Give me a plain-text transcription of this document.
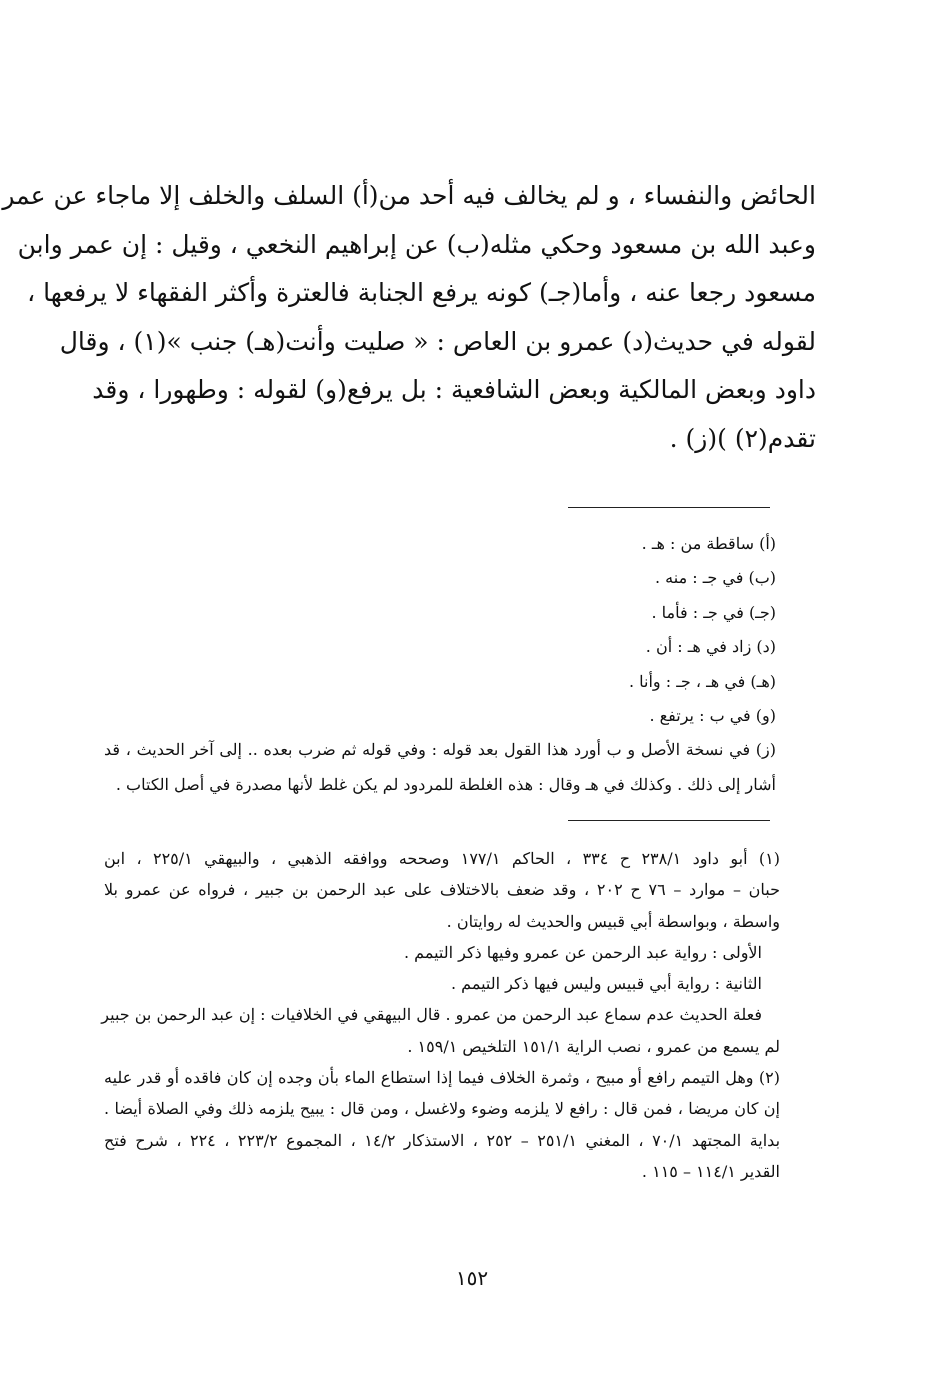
الحائض والنفساء ، و لم يخالف فيه أحد من(أ) السلف والخلف إلا ماجاء عن عمر
وعبد الله بن مسعود وحكي مثله(ب) عن إبراهيم النخعي ، وقيل : إن عمر وابن
مسعود رجعا عنه ، وأما(جـ) كونه يرفع الجنابة فالعترة وأكثر الفقهاء لا يرفعها ،
لقوله في حديث(د) عمرو بن العاص : « صليت وأنت(هـ) جنب »(١) ، وقال
داود وبعض المالكية وبعض الشافعية : بل يرفع(و) لقوله : وطهورا ، وقد
تقدم(٢) )(ز) .
(أ) ساقطة من : هـ .
(ب) في جـ : منه .
(جـ) في جـ : فأما .
(د) زاد في هـ : أن .
(هـ) في هـ ، جـ : وأنا .
(و) في ب : يرتفع .
(ز) في نسخة الأصل و ب أورد هذا القول بعد قوله : وفي قوله ثم ضرب بعده .. إلى آخر الحديث ، قد
أشار إلى ذلك . وكذلك في هـ وقال : هذه الغلطة للمردود لم يكن غلط لأنها مصدرة في أصل الكتاب .
(١) أبو داود ٢٣٨/١ ح ٣٣٤ ، الحاكم ١٧٧/١ وصححه ووافقه الذهبي ، والبيهقي ٢٢٥/١ ، ابن
حبان – موارد – ٧٦ ح ٢٠٢ ، وقد ضعف بالاختلاف على عبد الرحمن بن جبير ، فرواه عن عمرو بلا
واسطة ، وبواسطة أبي قبيس والحديث له روايتان .
الأولى : رواية عبد الرحمن عن عمرو وفيها ذكر التيمم .
الثانية : رواية أبي قبيس وليس فيها ذكر التيمم .
فعلة الحديث عدم سماع عبد الرحمن من عمرو . قال البيهقي في الخلافيات : إن عبد الرحمن بن جبير
لم يسمع من عمرو ، نصب الراية ١٥١/١ التلخيص ١٥٩/١ .
(٢) وهل التيمم رافع أو مبيح ، وثمرة الخلاف فيما إذا استطاع الماء بأن وجده إن كان فاقده أو قدر عليه
إن كان مريضا ، فمن قال : رافع لا يلزمه وضوء ولاغسل ، ومن قال : يبيح يلزمه ذلك وفي الصلاة أيضا .
بداية المجتهد ٧٠/١ ، المغني ٢٥١/١ – ٢٥٢ ، الاستذكار ١٤/٢ ، المجموع ٢٢٣/٢ ، ٢٢٤ ، شرح فتح
القدير ١١٤/١ – ١١٥ .
١٥٢
